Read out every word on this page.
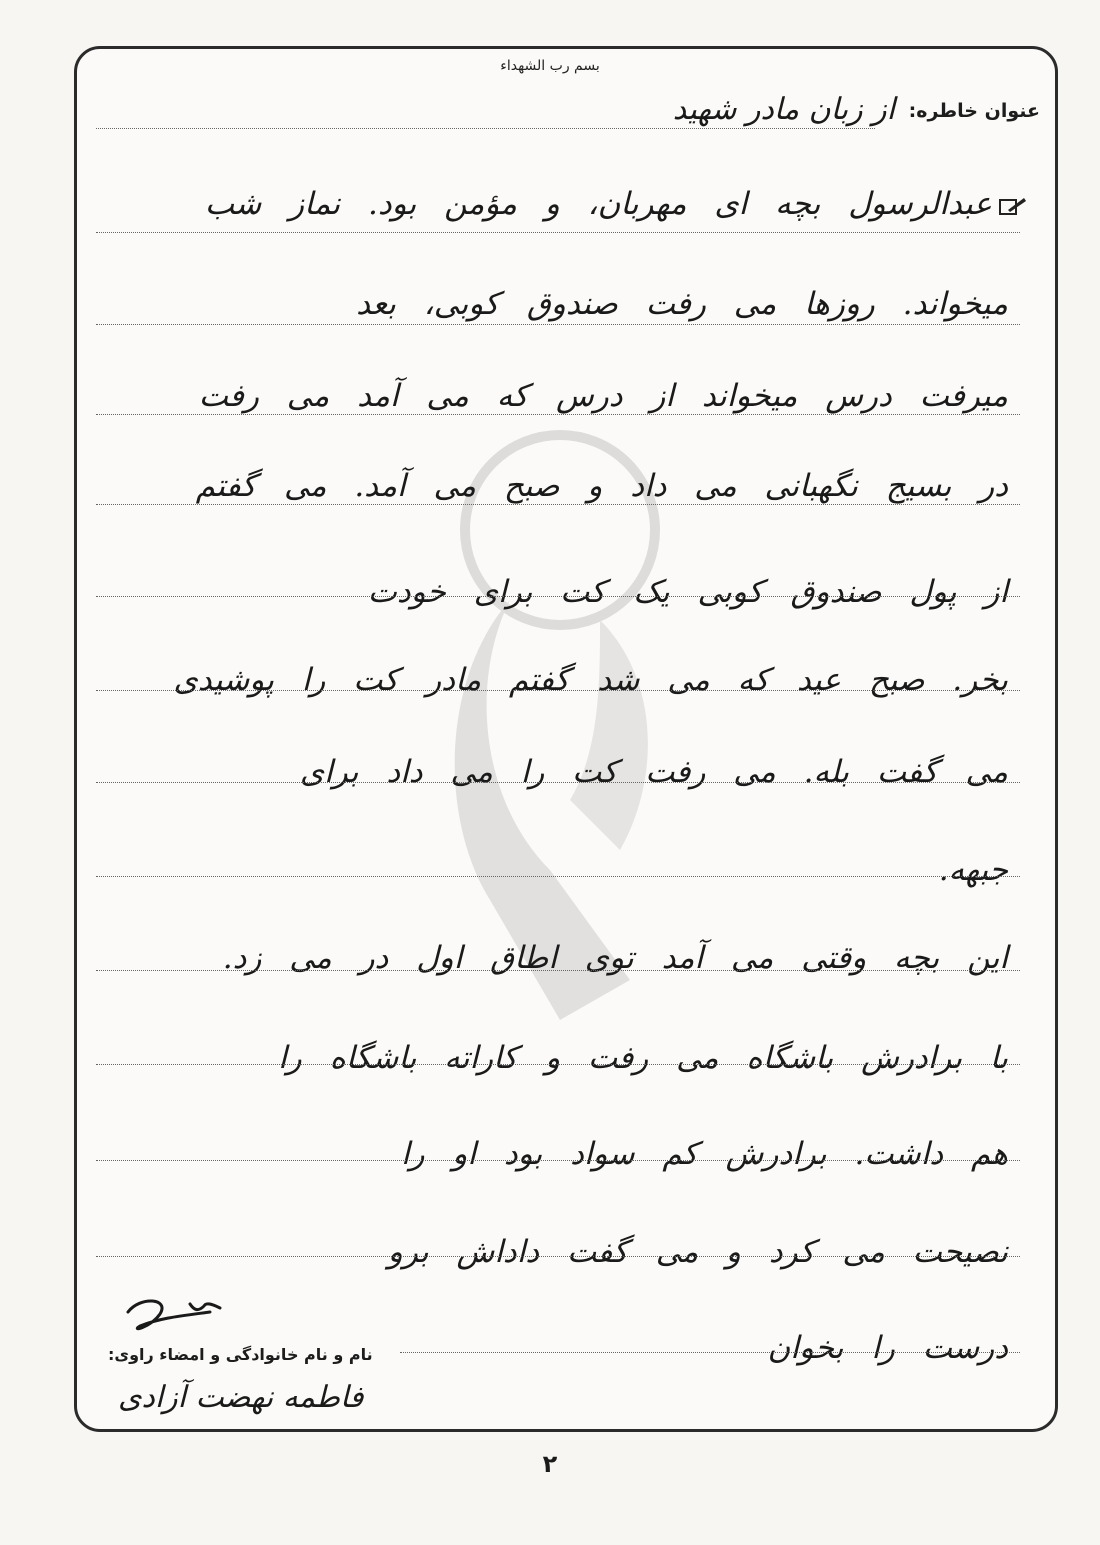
بسم رب الشهداء
عنوان خاطره:
از زبان مادر شهید
عبدالرسول بچه ای مهربان، و مؤمن بود. نماز شب
میخواند. روزها می رفت صندوق کوبی، بعد
میرفت درس میخواند از درس که می آمد می رفت
در بسیج نگهبانی می داد و صبح می آمد. می گفتم
از پول صندوق کوبی یک کت برای خودت
بخر. صبح عید که می شد گفتم مادر کت را پوشیدی
می گفت بله. می رفت کت را می داد برای
جبهه.
این بچه وقتی می آمد توی اطاق اول در می زد.
با برادرش باشگاه می رفت و کاراته باشگاه را
هم داشت. برادرش کم سواد بود او را
نصیحت می کرد و می گفت داداش برو
درست را بخوان
نام و نام خانوادگی و امضاء راوی:
فاطمه نهضت آزادی
۲
